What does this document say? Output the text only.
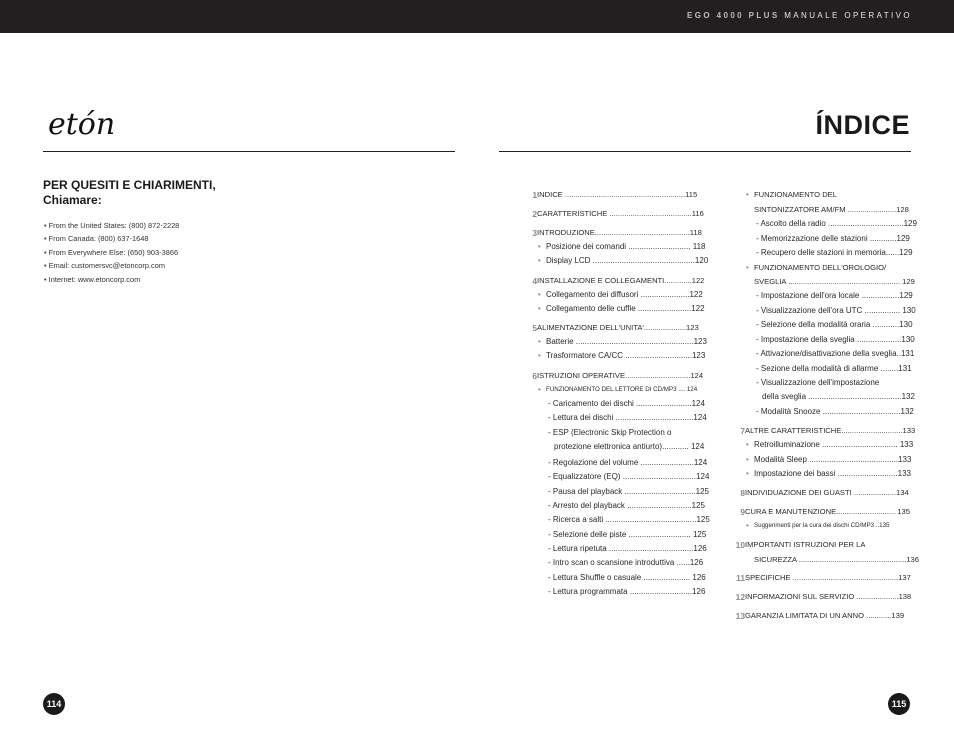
EGO 4000 PLUS MANUALE OPERATIVO
etón	ÍNDICE
PER QUESITI E CHIARIMENTI,
Chiamare:
• From the United States: (800) 872-2228
• From Canada: (800) 637-1648
• From Everywhere Else: (650) 903-3866
• Email: customersvc@etoncorp.com
• Internet: www.etoncorp.com
1 INDICE .........................................................115
2 CARATTERISTICHE .......................................116
3 INTRODUZIONE.............................................118
• Posizione dei comandi ............................ 118
• Display LCD ..............................................120
4 INSTALLAZIONE E COLLEGAMENTI.............122
• Collegamento dei diffusori ......................122
• Collegamento delle cuffie ........................122
5 ALIMENTAZIONE DELL'UNITA'....................123
• Batterie .....................................................123
• Trasformatore CA/CC ..............................123
6 ISTRUZIONI OPERATIVE...............................124
• FUNZIONAMENTO DEL LETTORE DI CD/MP3 .... 124
- Caricamento dei dischi .........................124
- Lettura dei dischi ...................................124
- ESP (Electronic Skip Protection o
protezione elettronica antiurto)............ 124
- Regolazione del volume ........................124
- Equalizzatore (EQ) .................................124
- Pausa del playback ................................125
- Arresto del playback .............................125
- Ricerca a salti .........................................125
- Selezione delle piste ............................ 125
- Lettura ripetuta ......................................126
- Intro scan o scansione introduttiva ......126
- Lettura Shuffle o casuale ..................... 126
- Lettura programmata ............................126
• FUNZIONAMENTO DEL
SINTONIZZATORE AM/FM .......................128
- Ascolto della radio ..................................129
- Memorizzazione delle stazioni ............129
- Recupero delle stazioni in memoria......129
• FUNZIONAMENTO DELL'OROLOGIO/
SVEGLIA ..................................................... 129
- Impostazione dell'ora locale .................129
- Visualizzazione dell'ora UTC ................ 130
- Selezione della modalità oraria ............130
- Impostazione della sveglia ....................130
- Attivazione/disattivazione della sveglia..131
- Sezione della modalità di allarme ........131
- Visualizzazione dell'impostazione
della sveglia ..........................................132
- Modalità Snooze ...................................132
7 ALTRE CARATTERISTICHE.............................133
• Retroilluminazione .................................. 133
• Modalità Sleep ........................................133
• Impostazione dei bassi ...........................133
8 INDIVIDUAZIONE DEI GUASTI ....................134
9 CURA E MANUTENZIONE............................ 135
• Suggerimenti per la cura dei dischi CD/MP3 ..135
10 IMPORTANTI ISTRUZIONI PER LA
SICUREZZA ...................................................136
11 SPECIFICHE ..................................................137
12 INFORMAZIONI SUL SERVIZIO ....................138
13 GARANZIA LIMITATA DI UN ANNO ............139
114	115
